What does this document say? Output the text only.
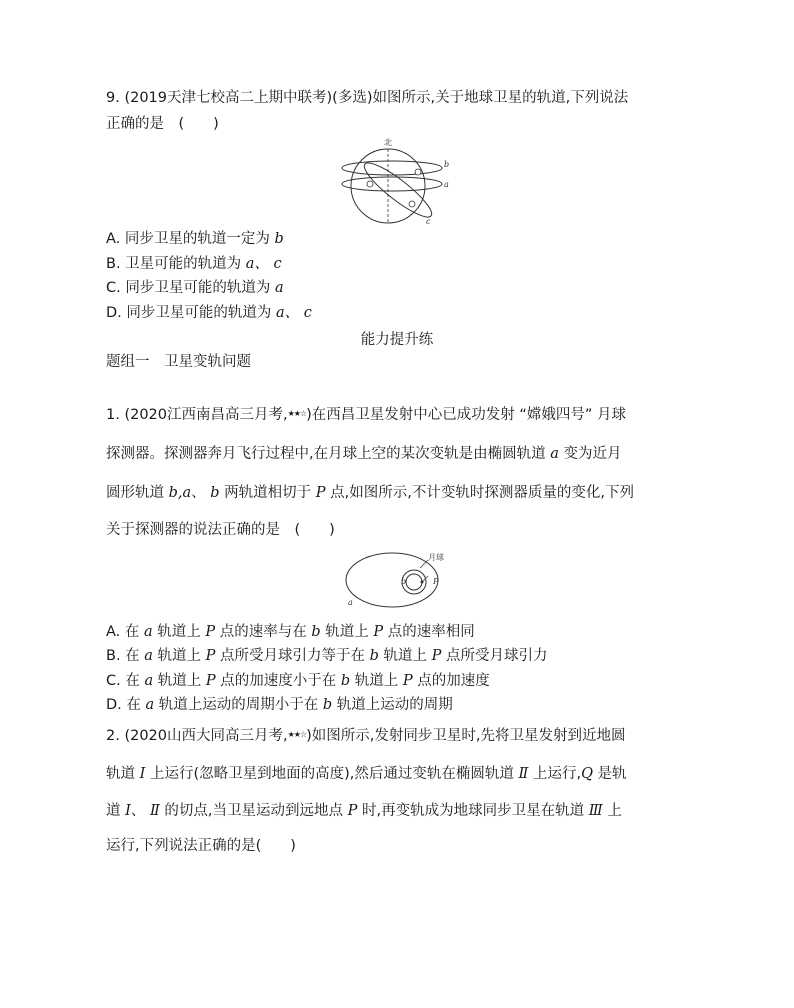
9. (2019天津七校高二上期中联考)(多选)如图所示,关于地球卫星的轨道,下列说法
正确的是　(　　)
北
b
a
c
A. 同步卫星的轨道一定为 b
B. 卫星可能的轨道为 a、 c
C. 同步卫星可能的轨道为 a
D. 同步卫星可能的轨道为 a、 c
能力提升练
题组一　卫星变轨问题
1. (2020江西南昌高三月考,★★☆)在西昌卫星发射中心已成功发射 “嫦娥四号” 月球
探测器。探测器奔月飞行过程中,在月球上空的某次变轨是由椭圆轨道 a 变为近月
圆形轨道 b,a、 b 两轨道相切于 P 点,如图所示,不计变轨时探测器质量的变化,下列
关于探测器的说法正确的是　(　　)
月球
b	P
a
A. 在 a 轨道上 P 点的速率与在 b 轨道上 P 点的速率相同
B. 在 a 轨道上 P 点所受月球引力等于在 b 轨道上 P 点所受月球引力
C. 在 a 轨道上 P 点的加速度小于在 b 轨道上 P 点的加速度
D. 在 a 轨道上运动的周期小于在 b 轨道上运动的周期
2. (2020山西大同高三月考,★★☆)如图所示,发射同步卫星时,先将卫星发射到近地圆
轨道 Ⅰ 上运行(忽略卫星到地面的高度),然后通过变轨在椭圆轨道 Ⅱ 上运行,Q 是轨
道 Ⅰ、 Ⅱ 的切点,当卫星运动到远地点 P 时,再变轨成为地球同步卫星在轨道 Ⅲ 上
运行,下列说法正确的是(　　)
